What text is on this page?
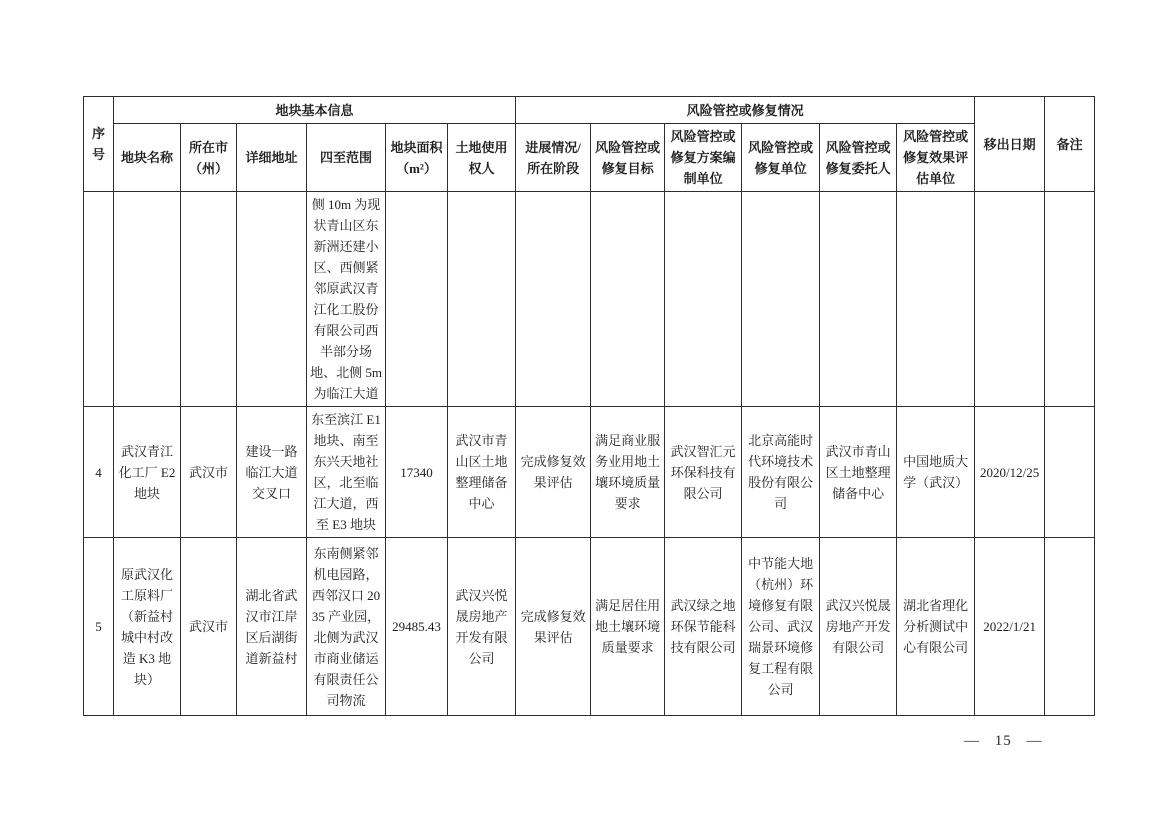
序号	地块基本信息						风险管控或修复情况						移出日期	备注
	地块名称	所在市（州）	详细地址	四至范围	地块面积（m²）	土地使用权人	进展情况/所在阶段	风险管控或修复目标	风险管控或修复方案编制单位	风险管控或修复单位	风险管控或修复委托人	风险管控或修复效果评估单位		
				侧 10m 为现状青山区东新洲还建小区、西侧紧邻原武汉青江化工股份有限公司西半部分场地、北侧 5m 为临江大道										
4	武汉青江化工厂 E2 地块	武汉市	建设一路临江大道交叉口	东至滨江 E1 地块、南至东兴天地社区，北至临江大道，西至 E3 地块	17340	武汉市青山区土地整理储备中心	完成修复效果评估	满足商业服务业用地土壤环境质量要求	武汉智汇元环保科技有限公司	北京高能时代环境技术股份有限公司	武汉市青山区土地整理储备中心	中国地质大学（武汉）	2020/12/25	
5	原武汉化工原料厂（新益村城中村改造 K3 地块）	武汉市	湖北省武汉市江岸区后湖街道新益村	东南侧紧邻机电园路，西邻汉口 2035 产业园，北侧为武汉市商业储运有限责任公司物流	29485.43	武汉兴悦晟房地产开发有限公司	完成修复效果评估	满足居住用地土壤环境质量要求	武汉绿之地环保节能科技有限公司	中节能大地（杭州）环境修复有限公司、武汉瑞景环境修复工程有限公司	武汉兴悦晟房地产开发有限公司	湖北省理化分析测试中心有限公司	2022/1/21	
— 15 —
